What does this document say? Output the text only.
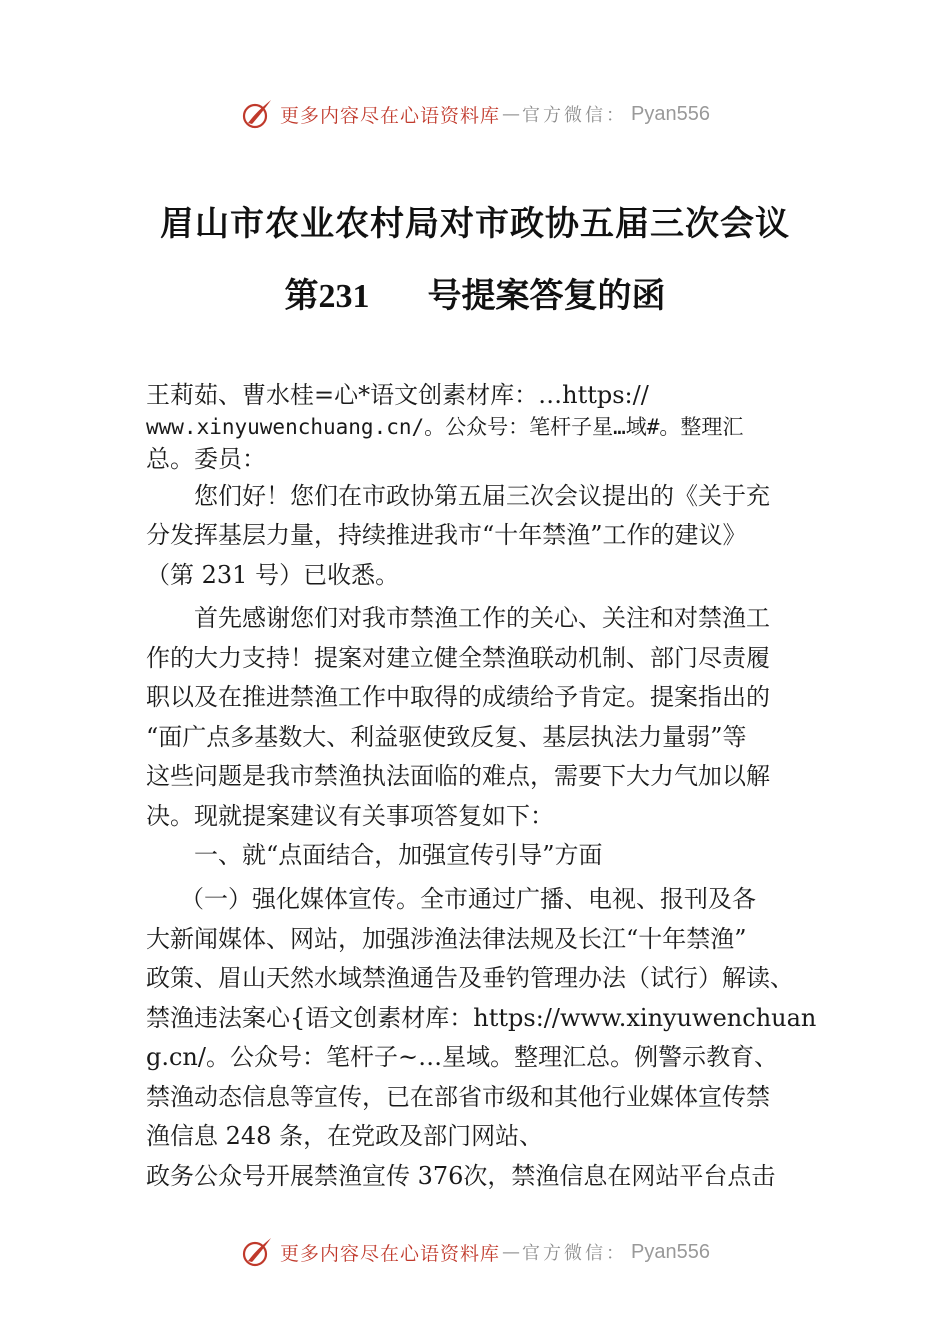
更多内容尽在心语资料库 — 官方微信： Pyan556
眉山市农业农村局对市政协五届三次会议
第231 号提案答复的函
王莉茹、曹水桂=心*语文创素材库：…https://
www.xinyuwenchuang.cn/。公众号：笔杆子星…域#。整理汇
总。委员：
您们好！您们在市政协第五届三次会议提出的《关于充
分发挥基层力量，持续推进我市“十年禁渔”工作的建议》
（第 231 号）已收悉。
首先感谢您们对我市禁渔工作的关心、关注和对禁渔工
作的大力支持！提案对建立健全禁渔联动机制、部门尽责履
职以及在推进禁渔工作中取得的成绩给予肯定。提案指出的
“面广点多基数大、利益驱使致反复、基层执法力量弱”等
这些问题是我市禁渔执法面临的难点，需要下大力气加以解
决。现就提案建议有关事项答复如下：
一、就“点面结合，加强宣传引导”方面
（一）强化媒体宣传。全市通过广播、电视、报刊及各
大新闻媒体、网站，加强涉渔法律法规及长江“十年禁渔”
政策、眉山天然水域禁渔通告及垂钓管理办法（试行）解读、
禁渔违法案心{语文创素材库：https://www.xinyuwenchuan
g.cn/。公众号：笔杆子~…星域。整理汇总。例警示教育、
禁渔动态信息等宣传，已在部省市级和其他行业媒体宣传禁
渔信息 248 条，在党政及部门网站、
政务公众号开展禁渔宣传 376次，禁渔信息在网站平台点击
更多内容尽在心语资料库 — 官方微信： Pyan556
